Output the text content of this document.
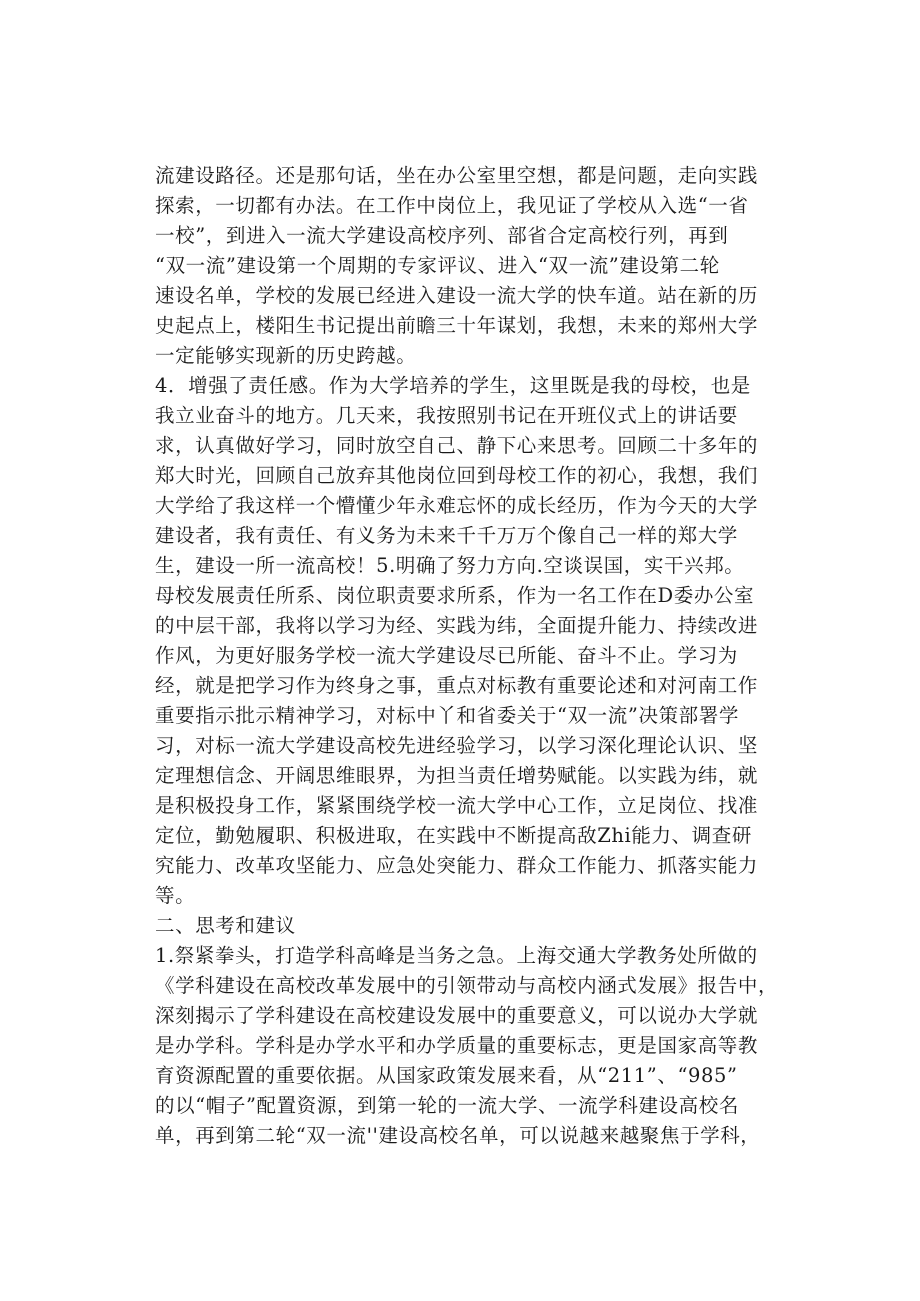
流建设路径。还是那句话，坐在办公室里空想，都是问题，走向实践
探索，一切都有办法。在工作中岗位上，我见证了学校从入选“一省
一校”，到进入一流大学建设高校序列、部省合定高校行列，再到
“双一流”建设第一个周期的专家评议、进入“双一流”建设第二轮
速设名单，学校的发展已经进入建设一流大学的快车道。站在新的历
史起点上，楼阳生书记提出前瞻三十年谋划，我想，未来的郑州大学
一定能够实现新的历史跨越。
4．增强了责任感。作为大学培养的学生，这里既是我的母校，也是
我立业奋斗的地方。几天来，我按照别书记在开班仪式上的讲话要
求，认真做好学习，同时放空自己、静下心来思考。回顾二十多年的
郑大时光，回顾自己放弃其他岗位回到母校工作的初心，我想，我们
大学给了我这样一个懵懂少年永难忘怀的成长经历，作为今天的大学
建设者，我有责任、有义务为未来千千万万个像自己一样的郑大学
生，建设一所一流高校！5.明确了努力方向.空谈误国，实干兴邦。
母校发展责任所系、岗位职责要求所系，作为一名工作在D委办公室
的中层干部，我将以学习为经、实践为纬，全面提升能力、持续改进
作风，为更好服务学校一流大学建设尽已所能、奋斗不止。学习为
经，就是把学习作为终身之事，重点对标教有重要论述和对河南工作
重要指示批示精神学习，对标中丫和省委关于“双一流”决策部署学
习，对标一流大学建设高校先进经验学习，以学习深化理论认识、坚
定理想信念、开阔思维眼界，为担当责任增势赋能。以实践为纬，就
是积极投身工作，紧紧围绕学校一流大学中心工作，立足岗位、找准
定位，勤勉履职、积极进取，在实践中不断提高敌Zhi能力、调查研
究能力、改革攻坚能力、应急处突能力、群众工作能力、抓落实能力
等。
二、思考和建议
1.祭紧拳头，打造学科高峰是当务之急。上海交通大学教务处所做的
《学科建设在高校改革发展中的引领带动与高校内涵式发展》报告中，
深刻揭示了学科建设在高校建设发展中的重要意义，可以说办大学就
是办学科。学科是办学水平和办学质量的重要标志，更是国家高等教
育资源配置的重要依据。从国家政策发展来看，从“211”、“985”
的以“帽子”配置资源，到第一轮的一流大学、一流学科建设高校名
单，再到第二轮“双一流''建设高校名单，可以说越来越聚焦于学科，
